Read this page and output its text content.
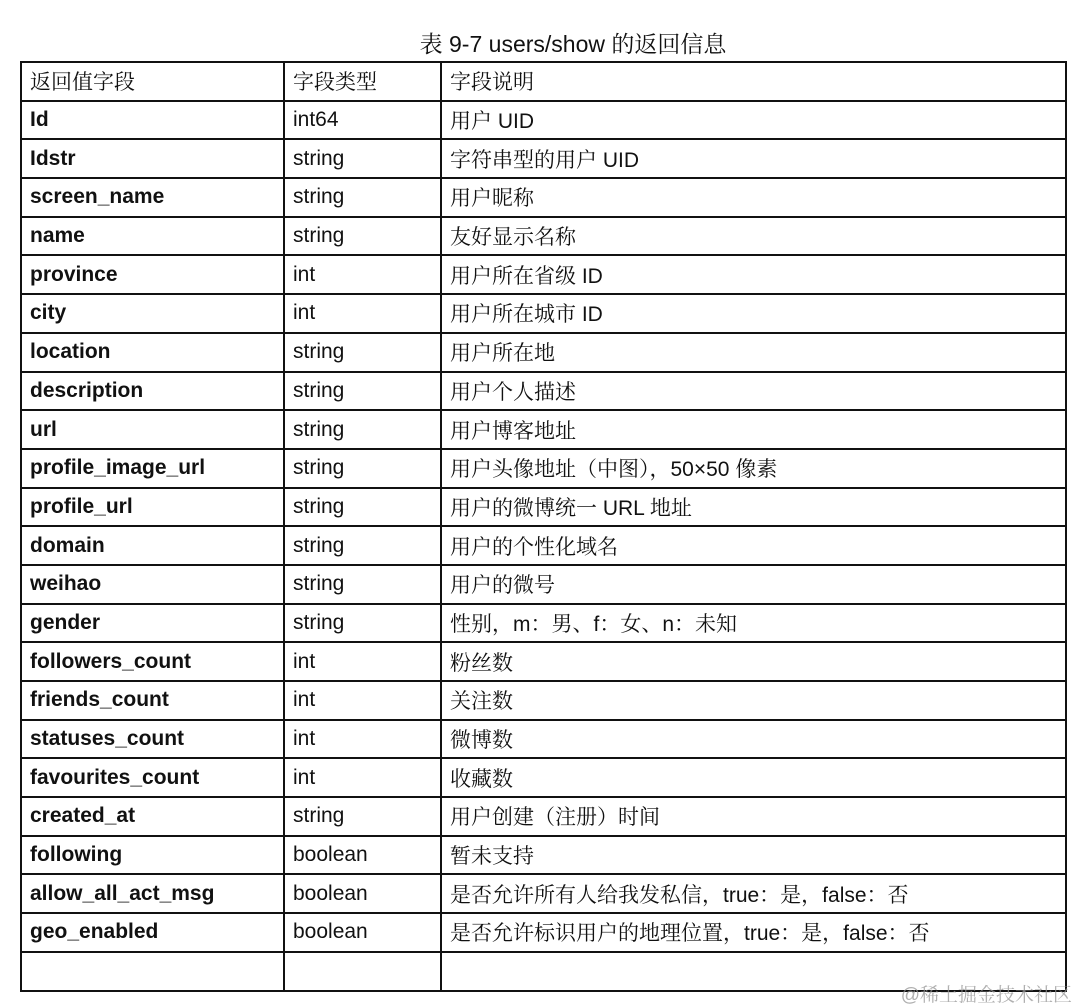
表 9-7 users/show 的返回信息
返回值字段	字段类型	字段说明
Id	int64	用户 UID
Idstr	string	字符串型的用户 UID
screen_name	string	用户昵称
name	string	友好显示名称
province	int	用户所在省级 ID
city	int	用户所在城市 ID
location	string	用户所在地
description	string	用户个人描述
url	string	用户博客地址
profile_image_url	string	用户头像地址（中图），50×50 像素
profile_url	string	用户的微博统一 URL 地址
domain	string	用户的个性化域名
weihao	string	用户的微号
gender	string	性别，m：男、f：女、n：未知
followers_count	int	粉丝数
friends_count	int	关注数
statuses_count	int	微博数
favourites_count	int	收藏数
created_at	string	用户创建（注册）时间
following	boolean	暂未支持
allow_all_act_msg	boolean	是否允许所有人给我发私信，true：是，false：否
geo_enabled	boolean	是否允许标识用户的地理位置，true：是，false：否

@稀土掘金技术社区
